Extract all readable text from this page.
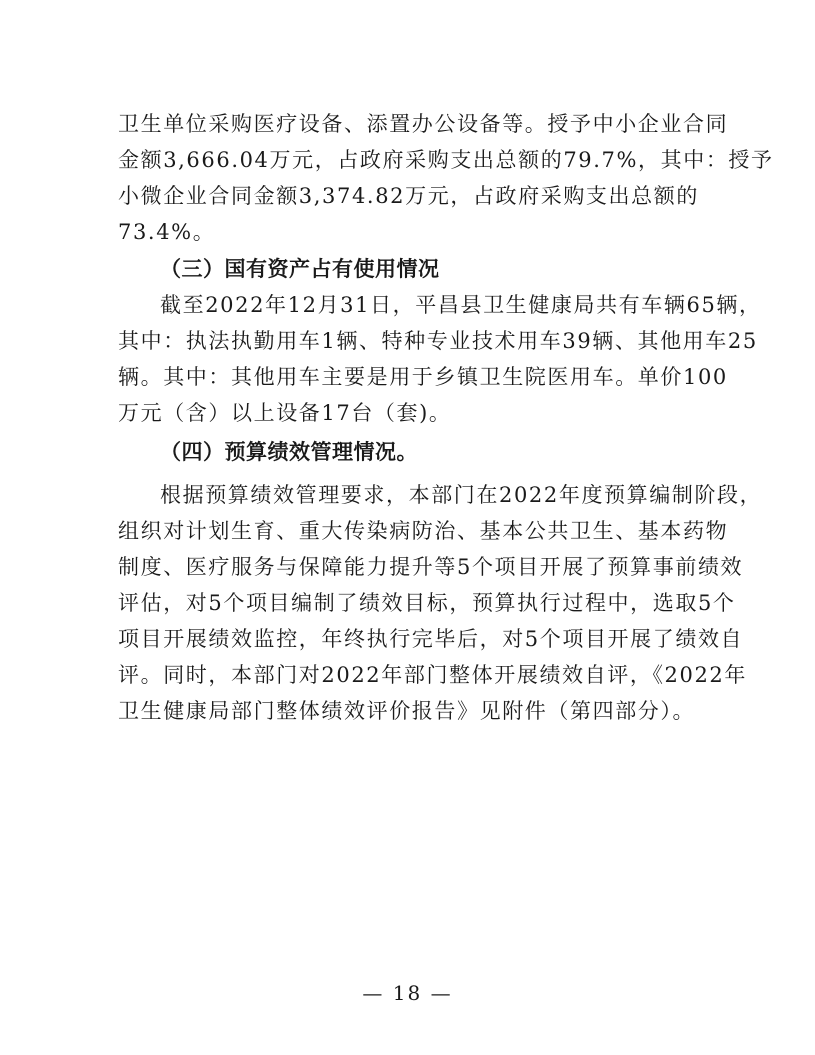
卫生单位采购医疗设备、添置办公设备等。授予中小企业合同
金额3,666.04万元，占政府采购支出总额的79.7%，其中：授予
小微企业合同金额3,374.82万元，占政府采购支出总额的
73.4%。
（三）国有资产占有使用情况
截至2022年12月31日，平昌县卫生健康局共有车辆65辆，
其中：执法执勤用车1辆、特种专业技术用车39辆、其他用车25
辆。其中：其他用车主要是用于乡镇卫生院医用车。单价100
万元（含）以上设备17台（套)。
（四）预算绩效管理情况。
根据预算绩效管理要求，本部门在2022年度预算编制阶段，
组织对计划生育、重大传染病防治、基本公共卫生、基本药物
制度、医疗服务与保障能力提升等5个项目开展了预算事前绩效
评估，对5个项目编制了绩效目标，预算执行过程中，选取5个
项目开展绩效监控，年终执行完毕后，对5个项目开展了绩效自
评。同时，本部门对2022年部门整体开展绩效自评，《2022年
卫生健康局部门整体绩效评价报告》见附件（第四部分）。
— 18 —
